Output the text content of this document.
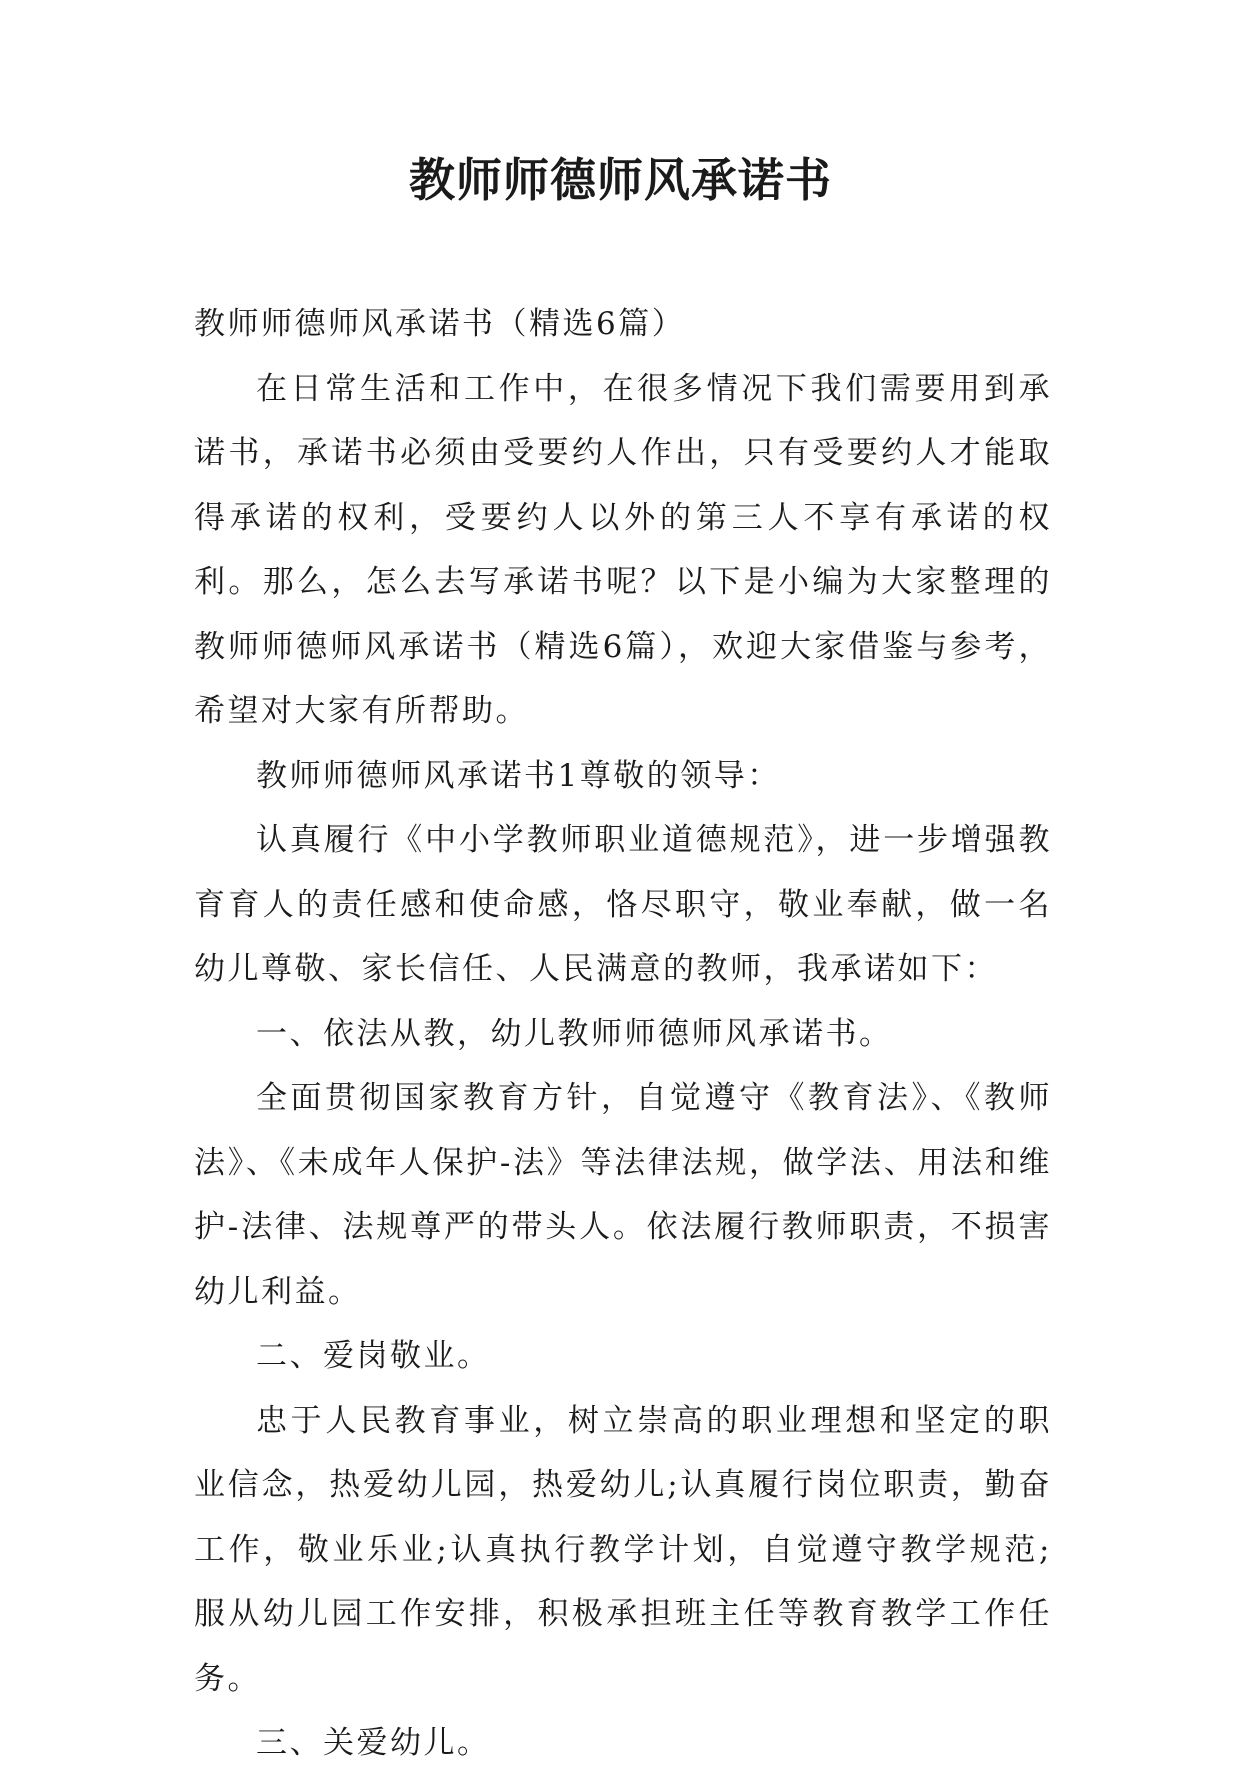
教师师德师风承诺书

教师师德师风承诺书（精选6篇）

在日常生活和工作中，在很多情况下我们需要用到承诺书，承诺书必须由受要约人作出，只有受要约人才能取得承诺的权利，受要约人以外的第三人不享有承诺的权利。那么，怎么去写承诺书呢？以下是小编为大家整理的教师师德师风承诺书（精选6篇），欢迎大家借鉴与参考，希望对大家有所帮助。

教师师德师风承诺书1尊敬的领导：

认真履行《中小学教师职业道德规范》，进一步增强教育育人的责任感和使命感，恪尽职守，敬业奉献，做一名幼儿尊敬、家长信任、人民满意的教师，我承诺如下：

一、依法从教，幼儿教师师德师风承诺书。

全面贯彻国家教育方针，自觉遵守《教育法》、《教师法》、《未成年人保护-法》等法律法规，做学法、用法和维护-法律、法规尊严的带头人。依法履行教师职责，不损害幼儿利益。

二、爱岗敬业。

忠于人民教育事业，树立崇高的职业理想和坚定的职业信念，热爱幼儿园，热爱幼儿;认真履行岗位职责，勤奋工作，敬业乐业;认真执行教学计划，自觉遵守教学规范;服从幼儿园工作安排，积极承担班主任等教育教学工作任务。

三、关爱幼儿。
